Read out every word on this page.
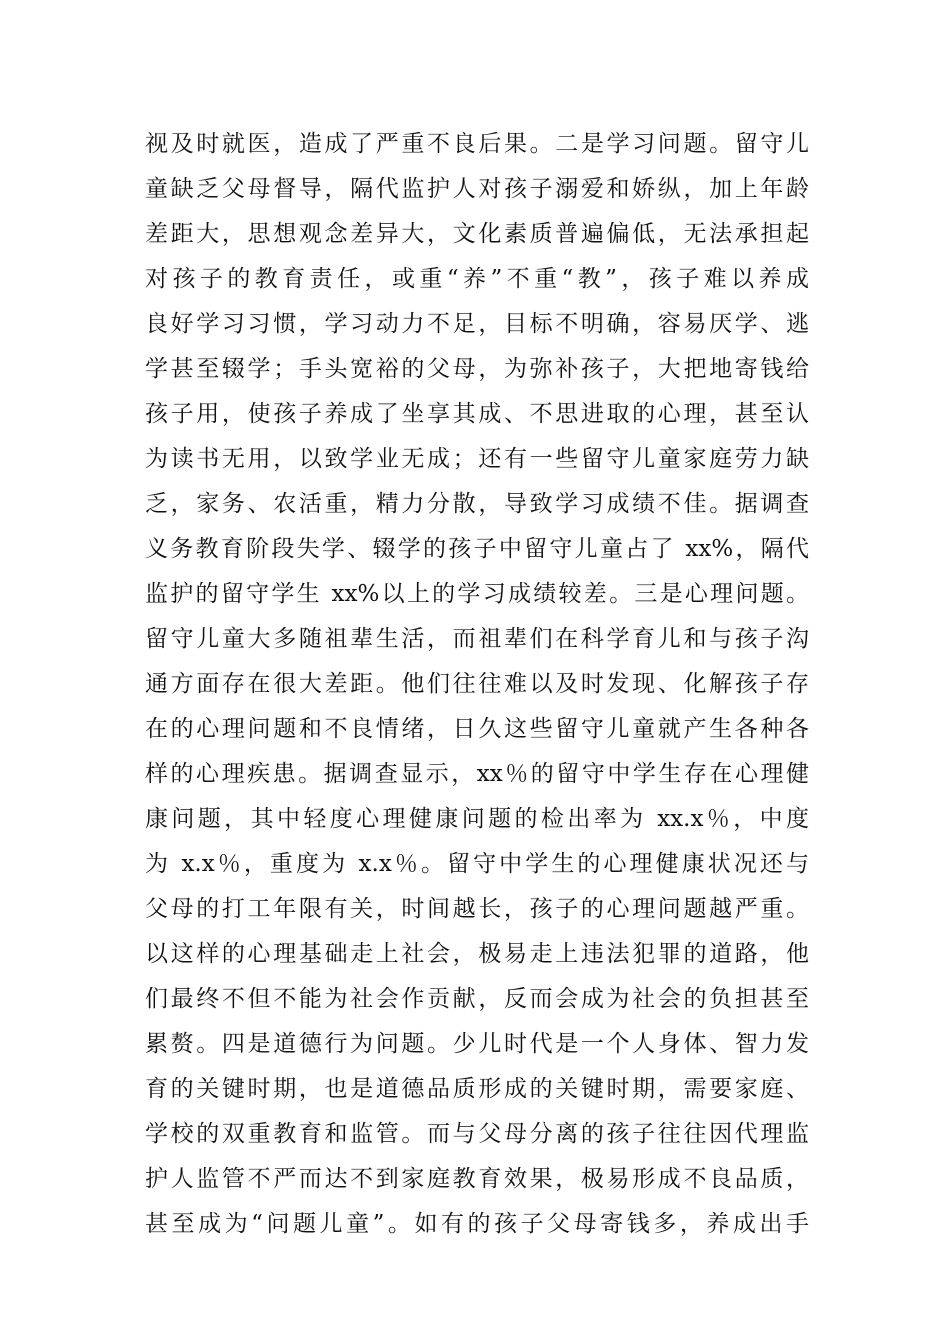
视及时就医，造成了严重不良后果。二是学习问题。留守儿
童缺乏父母督导，隔代监护人对孩子溺爱和娇纵，加上年龄
差距大，思想观念差异大，文化素质普遍偏低，无法承担起
对孩子的教育责任，或重“养”不重“教”，孩子难以养成
良好学习习惯，学习动力不足，目标不明确，容易厌学、逃
学甚至辍学；手头宽裕的父母，为弥补孩子，大把地寄钱给
孩子用，使孩子养成了坐享其成、不思进取的心理，甚至认
为读书无用，以致学业无成；还有一些留守儿童家庭劳力缺
乏，家务、农活重，精力分散，导致学习成绩不佳。据调查
义务教育阶段失学、辍学的孩子中留守儿童占了 xx%，隔代
监护的留守学生 xx%以上的学习成绩较差。三是心理问题。
留守儿童大多随祖辈生活，而祖辈们在科学育儿和与孩子沟
通方面存在很大差距。他们往往难以及时发现、化解孩子存
在的心理问题和不良情绪，日久这些留守儿童就产生各种各
样的心理疾患。据调查显示，xx％的留守中学生存在心理健
康问题，其中轻度心理健康问题的检出率为 xx.x％，中度
为 x.x％，重度为 x.x％。留守中学生的心理健康状况还与
父母的打工年限有关，时间越长，孩子的心理问题越严重。
以这样的心理基础走上社会，极易走上违法犯罪的道路，他
们最终不但不能为社会作贡献，反而会成为社会的负担甚至
累赘。四是道德行为问题。少儿时代是一个人身体、智力发
育的关键时期，也是道德品质形成的关键时期，需要家庭、
学校的双重教育和监管。而与父母分离的孩子往往因代理监
护人监管不严而达不到家庭教育效果，极易形成不良品质，
甚至成为“问题儿童”。如有的孩子父母寄钱多，养成出手
